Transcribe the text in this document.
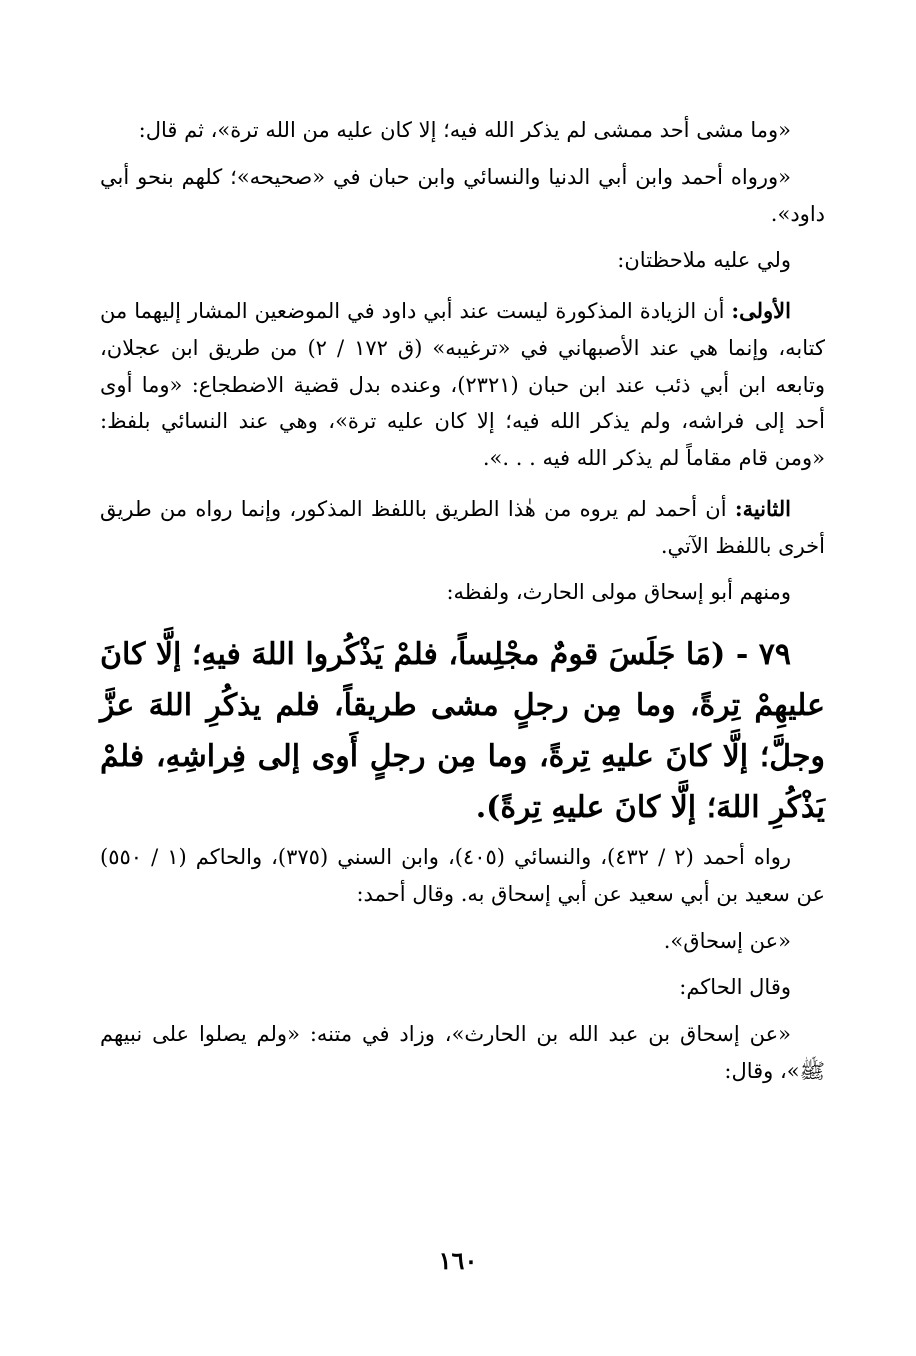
«وما مشى أحد ممشى لم يذكر الله فيه؛ إلا كان عليه من الله ترة»، ثم قال:

«ورواه أحمد وابن أبي الدنيا والنسائي وابن حبان في «صحيحه»؛ كلهم بنحو أبي داود».

ولي عليه ملاحظتان:

الأولى: أن الزيادة المذكورة ليست عند أبي داود في الموضعين المشار إليهما من كتابه، وإنما هي عند الأصبهاني في «ترغيبه» (ق ١٧٢ / ٢) من طريق ابن عجلان، وتابعه ابن أبي ذئب عند ابن حبان (٢٣٢١)، وعنده بدل قضية الاضطجاع: «وما أوى أحد إلى فراشه، ولم يذكر الله فيه؛ إلا كان عليه ترة»، وهي عند النسائي بلفظ: «ومن قام مقاماً لم يذكر الله فيه . . .».

الثانية: أن أحمد لم يروه من هٰذا الطريق باللفظ المذكور، وإنما رواه من طريق أخرى باللفظ الآتي.

ومنهم أبو إسحاق مولى الحارث، ولفظه:

٧٩ - (مَا جَلَسَ قومٌ مجْلِساً، فلمْ يَذْكُروا اللهَ فيهِ؛ إلَّا كانَ عليهِمْ تِرةً، وما مِن رجلٍ مشى طريقاً، فلم يذكُرِ اللهَ عزَّ وجلَّ؛ إلَّا كانَ عليهِ تِرةً، وما مِن رجلٍ أَوى إلى فِراشِهِ، فلمْ يَذْكُرِ اللهَ؛ إلَّا كانَ عليهِ تِرةً).

رواه أحمد (٢ / ٤٣٢)، والنسائي (٤٠٥)، وابن السني (٣٧٥)، والحاكم (١ / ٥٥٠) عن سعيد بن أبي سعيد عن أبي إسحاق به. وقال أحمد:

«عن إسحاق».

وقال الحاكم:

«عن إسحاق بن عبد الله بن الحارث»، وزاد في متنه: «ولم يصلوا على نبيهم ﷺ»، وقال:

١٦٠
